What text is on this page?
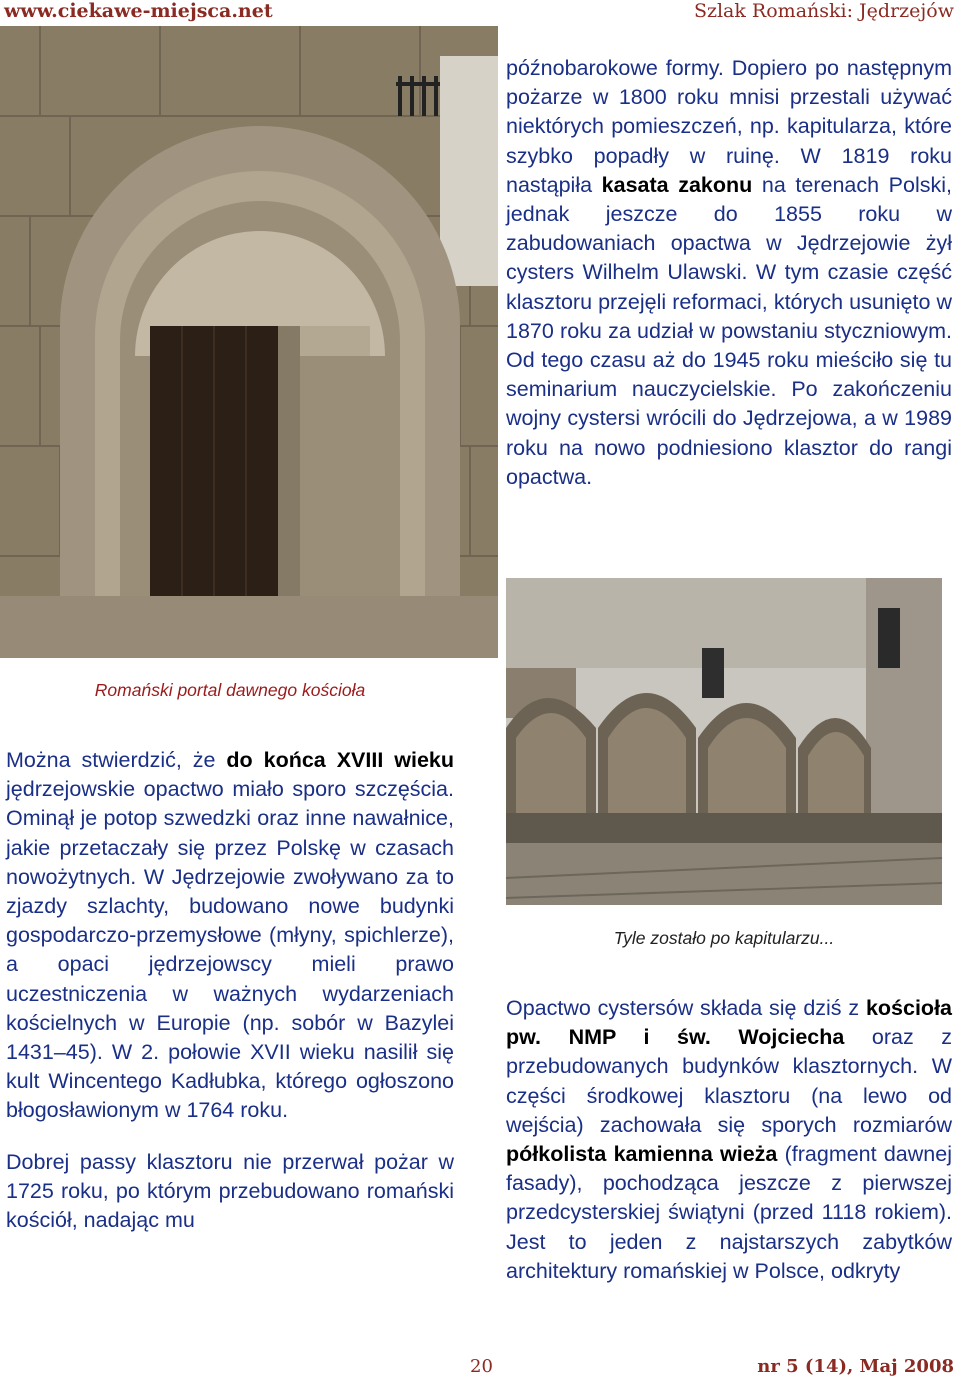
www.ciekawe-miejsca.net	Szlak Romański: Jędrzejów
Romański portal dawnego kościoła
Tyle zostało po kapitularzu...

późnobarokowe formy. Dopiero po następnym pożarze w 1800 roku mnisi przestali używać niektórych pomieszczeń, np. kapitularza, które szybko popadły w ruinę. W 1819 roku nastąpiła kasata zakonu na terenach Polski, jednak jeszcze do 1855 roku w zabudowaniach opactwa w Jędrzejowie żył cysters Wilhelm Ulawski. W tym czasie część klasztoru przejęli reformaci, których usunięto w 1870 roku za udział w powstaniu styczniowym. Od tego czasu aż do 1945 roku mieściło się tu seminarium nauczycielskie. Po zakończeniu wojny cystersi wrócili do Jędrzejowa, a w 1989 roku na nowo podniesiono klasztor do rangi opactwa.

Można stwierdzić, że do końca XVIII wieku jędrzejowskie opactwo miało sporo szczęścia. Ominął je potop szwedzki oraz inne nawałnice, jakie przetaczały się przez Polskę w czasach nowożytnych. W Jędrzejowie zwoływano za to zjazdy szlachty, budowano nowe budynki gospodarczo-przemysłowe (młyny, spichlerze), a opaci jędrzejowscy mieli prawo uczestniczenia w ważnych wydarzeniach kościelnych w Europie (np. sobór w Bazylei 1431–45). W 2. połowie XVII wieku nasilił się kult Wincentego Kadłubka, którego ogłoszono błogosławionym w 1764 roku.

Dobrej passy klasztoru nie przerwał pożar w 1725 roku, po którym przebudowano romański kościół, nadając mu

Opactwo cystersów składa się dziś z kościoła pw. NMP i św. Wojciecha oraz z przebudowanych budynków klasztornych. W części środkowej klasztoru (na lewo od wejścia) zachowała się sporych rozmiarów półkolista kamienna wieża (fragment dawnej fasady), pochodząca jeszcze z pierwszej przedcysterskiej świątyni (przed 1118 rokiem). Jest to jeden z najstarszych zabytków architektury romańskiej w Polsce, odkryty

20	nr 5 (14), Maj 2008
